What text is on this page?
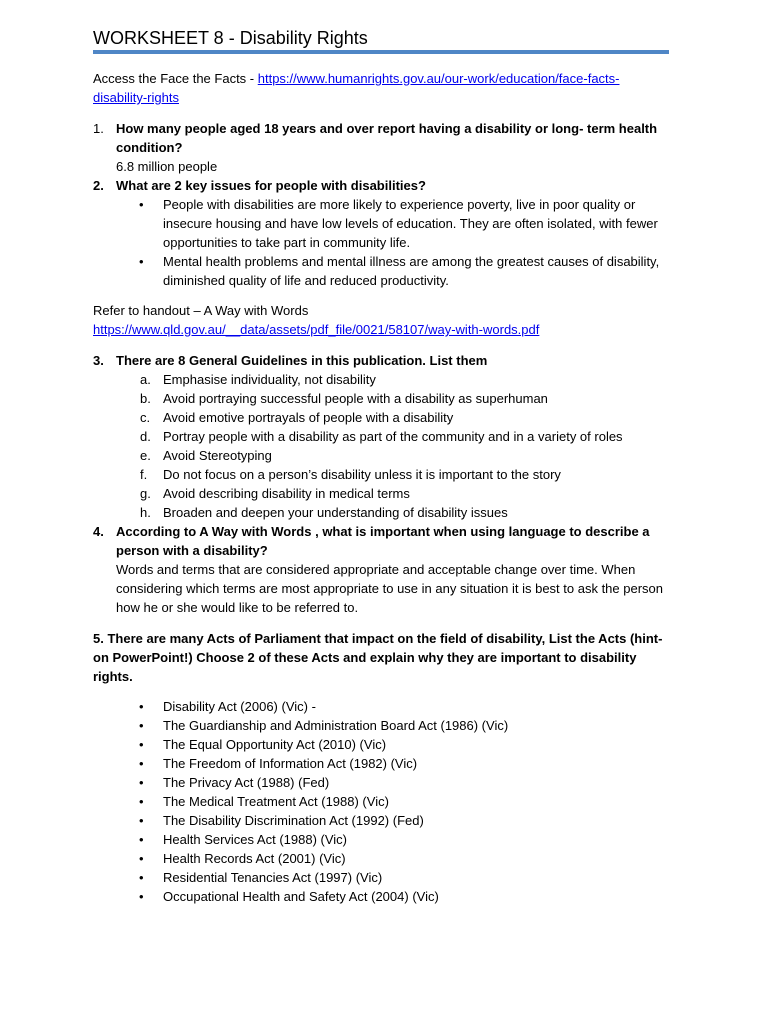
WORKSHEET 8 - Disability Rights

Access the Face the Facts - https://www.humanrights.gov.au/our-work/education/face-facts-disability-rights

1. How many people aged 18 years and over report having a disability or long- term health condition?
6.8 million people
2. What are 2 key issues for people with disabilities?
• People with disabilities are more likely to experience poverty, live in poor quality or insecure housing and have low levels of education. They are often isolated, with fewer opportunities to take part in community life.
• Mental health problems and mental illness are among the greatest causes of disability, diminished quality of life and reduced productivity.

Refer to handout – A Way with Words

https://www.qld.gov.au/__data/assets/pdf_file/0021/58107/way-with-words.pdf

3. There are 8 General Guidelines in this publication. List them
a. Emphasise individuality, not disability
b. Avoid portraying successful people with a disability as superhuman
c. Avoid emotive portrayals of people with a disability
d. Portray people with a disability as part of the community and in a variety of roles
e. Avoid Stereotyping
f. Do not focus on a person’s disability unless it is important to the story
g. Avoid describing disability in medical terms
h. Broaden and deepen your understanding of disability issues
4. According to A Way with Words , what is important when using language to describe a person with a disability?
Words and terms that are considered appropriate and acceptable change over time. When considering which terms are most appropriate to use in any situation it is best to ask the person how he or she would like to be referred to.

5. There are many Acts of Parliament that impact on the field of disability, List the Acts (hint- on PowerPoint!) Choose 2 of these Acts and explain why they are important to disability rights.

• Disability Act (2006) (Vic) -
• The Guardianship and Administration Board Act (1986) (Vic)
• The Equal Opportunity Act (2010) (Vic)
• The Freedom of Information Act (1982) (Vic)
• The Privacy Act (1988) (Fed)
• The Medical Treatment Act (1988) (Vic)
• The Disability Discrimination Act (1992) (Fed)
• Health Services Act (1988) (Vic)
• Health Records Act (2001) (Vic)
• Residential Tenancies Act (1997) (Vic)
• Occupational Health and Safety Act (2004) (Vic)
